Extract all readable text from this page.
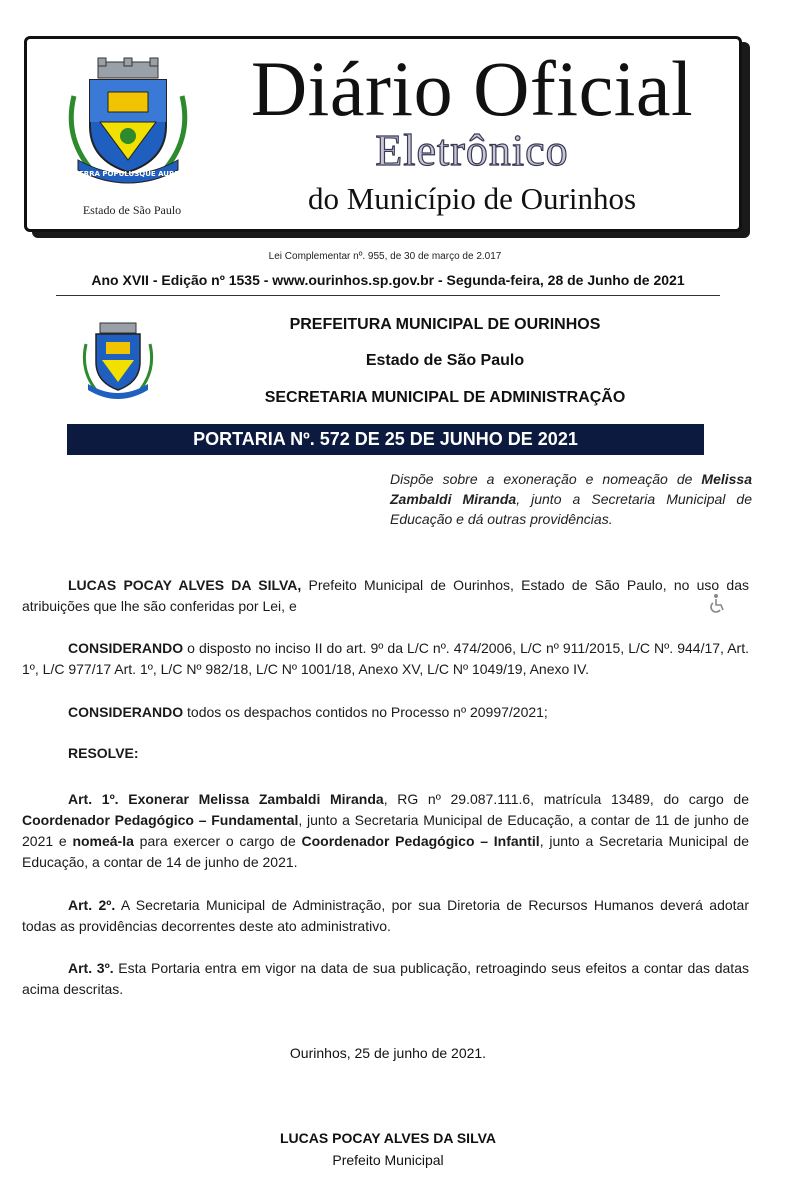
TERRA POPULUSQUE AUREI
Estado de São Paulo
Diário Oficial
Eletrônico
do Município de Ourinhos
Lei Complementar nº. 955, de 30 de março de 2.017
Ano XVII - Edição nº 1535 - www.ourinhos.sp.gov.br - Segunda-feira, 28 de Junho de 2021
PREFEITURA MUNICIPAL DE OURINHOS
Estado de São Paulo
SECRETARIA MUNICIPAL DE ADMINISTRAÇÃO
PORTARIA Nº. 572 DE 25 DE JUNHO DE 2021
Dispõe sobre a exoneração e nomeação de Melissa Zambaldi Miranda, junto a Secretaria Municipal de Educação e dá outras providências.
LUCAS POCAY ALVES DA SILVA, Prefeito Municipal de Ourinhos, Estado de São Paulo, no uso das atribuições que lhe são conferidas por Lei, e
CONSIDERANDO o disposto no inciso II do art. 9º da L/C nº. 474/2006, L/C nº 911/2015, L/C Nº. 944/17, Art. 1º, L/C 977/17 Art. 1º, L/C Nº 982/18, L/C Nº 1001/18, Anexo XV, L/C Nº 1049/19, Anexo IV.
CONSIDERANDO todos os despachos contidos no Processo nº 20997/2021;
RESOLVE:
Art. 1º. Exonerar Melissa Zambaldi Miranda, RG nº 29.087.111.6, matrícula 13489, do cargo de Coordenador Pedagógico – Fundamental, junto a Secretaria Municipal de Educação, a contar de 11 de junho de 2021 e nomeá-la para exercer o cargo de Coordenador Pedagógico – Infantil, junto a Secretaria Municipal de Educação, a contar de 14 de junho de 2021.
Art. 2º. A Secretaria Municipal de Administração, por sua Diretoria de Recursos Humanos deverá adotar todas as providências decorrentes deste ato administrativo.
Art. 3º. Esta Portaria entra em vigor na data de sua publicação, retroagindo seus efeitos a contar das datas acima descritas.
Ourinhos, 25 de junho de 2021.
LUCAS POCAY ALVES DA SILVA
Prefeito Municipal
